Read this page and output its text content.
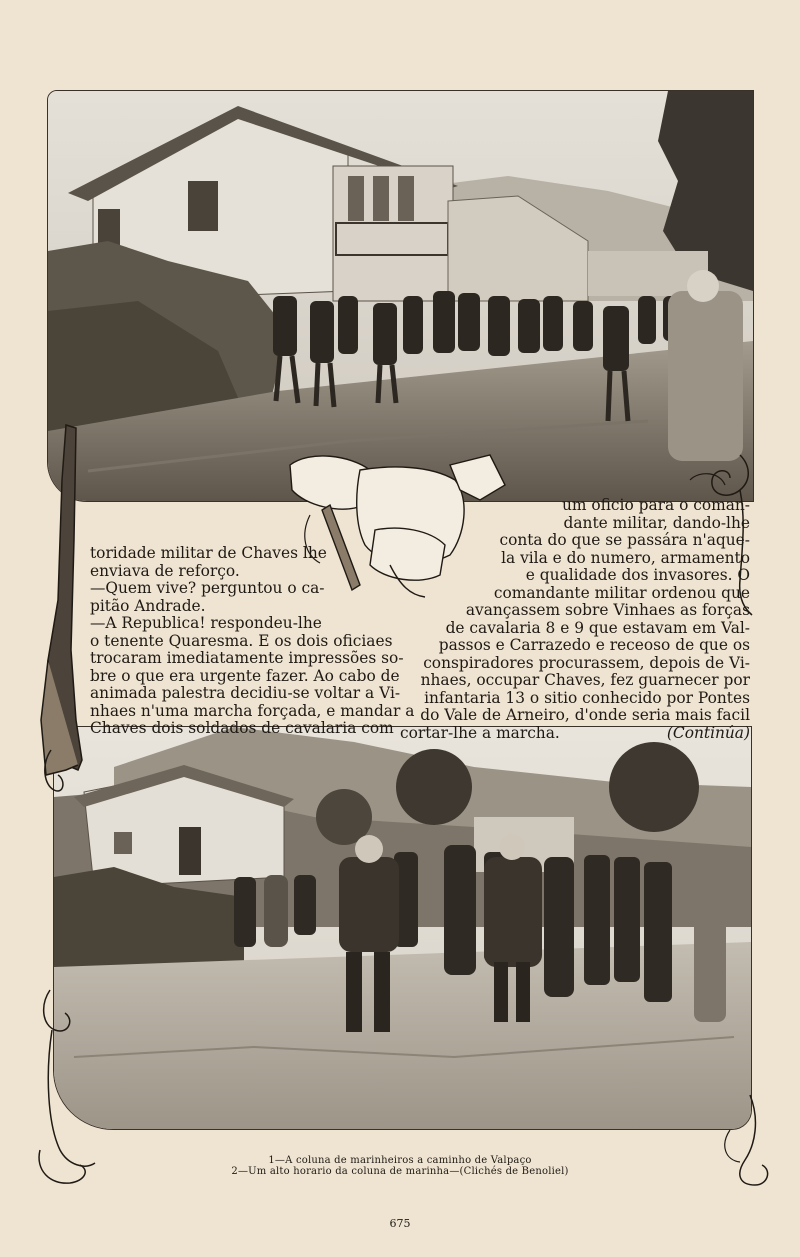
toridade militar de Chaves lhe
enviava de reforço.
—Quem vive? perguntou o ca-
pitão Andrade.
—A Republica! respondeu-lhe
o tenente Quaresma. E os dois oficiaes
trocaram imediatamente impressões so-
bre o que era urgente fazer. Ao cabo de
animada palestra decidiu-se voltar a Vi-
nhaes n'uma marcha forçada, e mandar a
Chaves dois soldados de cavalaria com
um oficio para o coman-
dante militar, dando-lhe
conta do que se passára n'aque-
la vila e do numero, armamento
e qualidade dos invasores. O
comandante militar ordenou que
avançassem sobre Vinhaes as forças
de cavalaria 8 e 9 que estavam em Val-
passos e Carrazedo e receoso de que os
conspiradores procurassem, depois de Vi-
nhaes, occupar Chaves, fez guarnecer por
infantaria 13 o sitio conhecido por Pontes
do Vale de Arneiro, d'onde seria mais facil
cortar-lhe a marcha.	(Continúa)
1—A coluna de marinheiros a caminho de Valpaço
2—Um alto horario da coluna de marinha—(Clichés de Benoliel)
675
